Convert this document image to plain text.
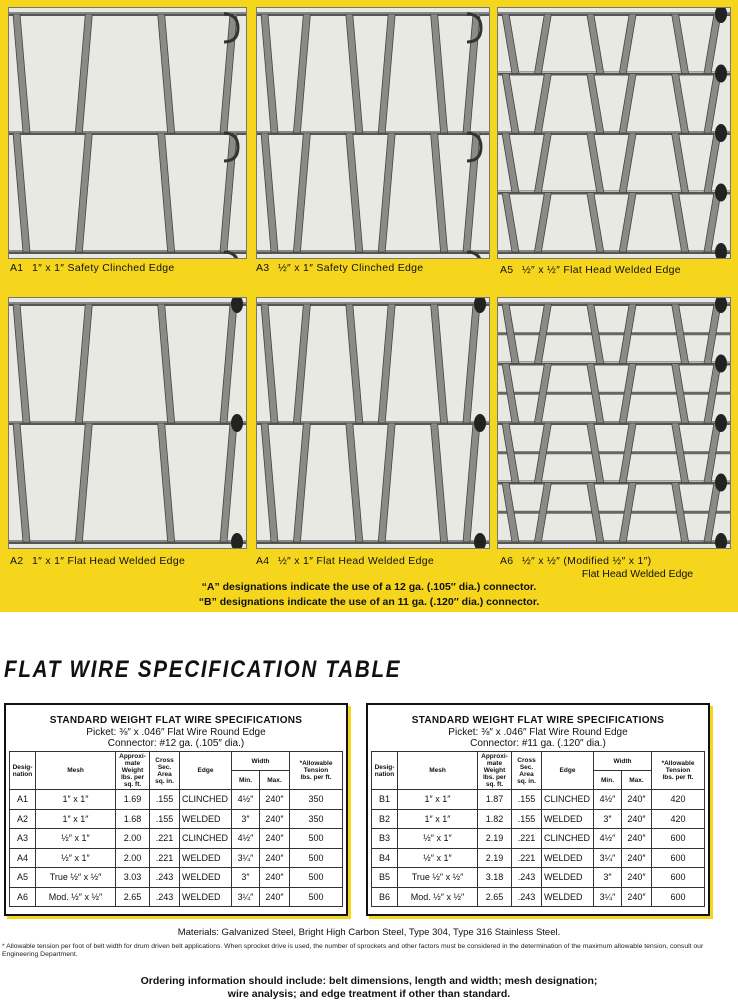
A1 1″ x 1″ Safety Clinched Edge	A3 ½″ x 1″ Safety Clinched Edge	A5 ½″ x ½″ Flat Head Welded Edge
A2 1″ x 1″ Flat Head Welded Edge	A4 ½″ x 1″ Flat Head Welded Edge	A6 ½″ x ½″ (Modified ½″ x 1″)
Flat Head Welded Edge
“A” designations indicate the use of a 12 ga. (.105″ dia.) connector.
“B” designations indicate the use of an 11 ga. (.120″ dia.) connector.
FLAT WIRE SPECIFICATION TABLE
STANDARD WEIGHT FLAT WIRE SPECIFICATIONS
Picket: ⅜″ x .046″ Flat Wire Round Edge
Connector: #12 ga. (.105″ dia.)
Desig-
nation	Mesh	Approxi-
mate
Weight
lbs. per
sq. ft.	Cross
Sec.
Area
sq. in.	Edge	Width		*Allowable
Tension
lbs. per ft.
					Min.	Max.	
A1	1″ x 1″	1.69	.155	CLINCHED	4½″	240″	350
A2	1″ x 1″	1.68	.155	WELDED	3″	240″	350
A3	½″ x 1″	2.00	.221	CLINCHED	4½″	240″	500
A4	½″ x 1″	2.00	.221	WELDED	3¼″	240″	500
A5	True ½″ x ½″	3.03	.243	WELDED	3″	240″	500
A6	Mod. ½″ x ½″	2.65	.243	WELDED	3¼″	240″	500
STANDARD WEIGHT FLAT WIRE SPECIFICATIONS
Picket: ⅜″ x .046″ Flat Wire Round Edge
Connector: #11 ga. (.120″ dia.)
Desig-
nation	Mesh	Approxi-
mate
Weight
lbs. per
sq. ft.	Cross
Sec.
Area
sq. in.	Edge	Width		*Allowable
Tension
lbs. per ft.
					Min.	Max.	
B1	1″ x 1″	1.87	.155	CLINCHED	4½″	240″	420
B2	1″ x 1″	1.82	.155	WELDED	3″	240″	420
B3	½″ x 1″	2.19	.221	CLINCHED	4½″	240″	600
B4	½″ x 1″	2.19	.221	WELDED	3¼″	240″	600
B5	True ½″ x ½″	3.18	.243	WELDED	3″	240″	600
B6	Mod. ½″ x ½″	2.65	.243	WELDED	3¼″	240″	600
Materials: Galvanized Steel, Bright High Carbon Steel, Type 304, Type 316 Stainless Steel.
* Allowable tension per foot of belt width for drum driven belt applications. When sprocket drive is used, the number of sprockets and other factors must be considered in the determination of the maximum allowable tension, consult our Engineering Department.
Ordering information should include: belt dimensions, length and width; mesh designation;
wire analysis; and edge treatment if other than standard.
